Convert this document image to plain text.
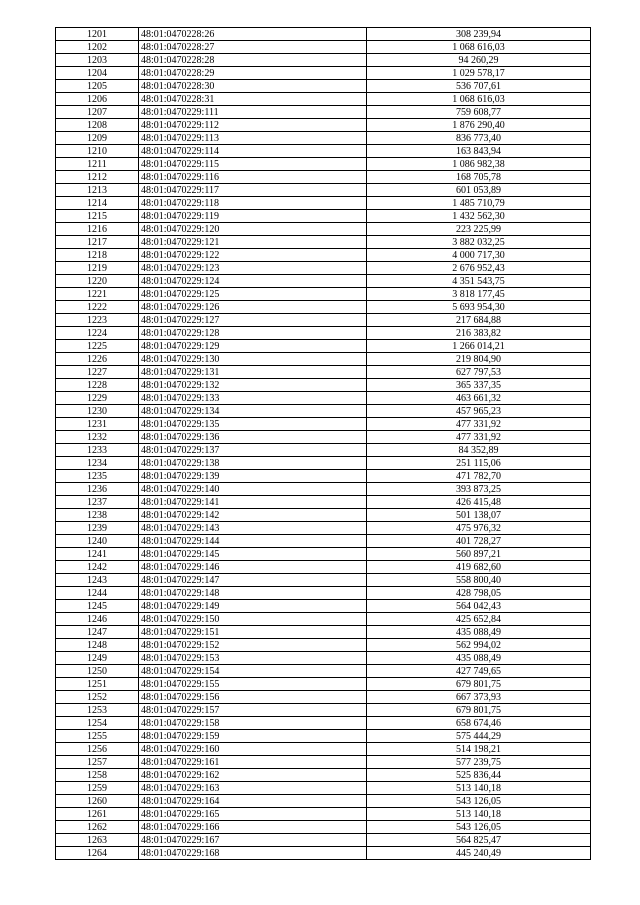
1201	48:01:0470228:26	308 239,94
1202	48:01:0470228:27	1 068 616,03
1203	48:01:0470228:28	94 260,29
1204	48:01:0470228:29	1 029 578,17
1205	48:01:0470228:30	536 707,61
1206	48:01:0470228:31	1 068 616,03
1207	48:01:0470229:111	759 608,77
1208	48:01:0470229:112	1 876 290,40
1209	48:01:0470229:113	836 773,40
1210	48:01:0470229:114	163 843,94
1211	48:01:0470229:115	1 086 982,38
1212	48:01:0470229:116	168 705,78
1213	48:01:0470229:117	601 053,89
1214	48:01:0470229:118	1 485 710,79
1215	48:01:0470229:119	1 432 562,30
1216	48:01:0470229:120	223 225,99
1217	48:01:0470229:121	3 882 032,25
1218	48:01:0470229:122	4 000 717,30
1219	48:01:0470229:123	2 676 952,43
1220	48:01:0470229:124	4 351 543,75
1221	48:01:0470229:125	3 818 177,45
1222	48:01:0470229:126	5 693 954,30
1223	48:01:0470229:127	217 684,88
1224	48:01:0470229:128	216 383,82
1225	48:01:0470229:129	1 266 014,21
1226	48:01:0470229:130	219 804,90
1227	48:01:0470229:131	627 797,53
1228	48:01:0470229:132	365 337,35
1229	48:01:0470229:133	463 661,32
1230	48:01:0470229:134	457 965,23
1231	48:01:0470229:135	477 331,92
1232	48:01:0470229:136	477 331,92
1233	48:01:0470229:137	84 352,89
1234	48:01:0470229:138	251 115,06
1235	48:01:0470229:139	471 782,70
1236	48:01:0470229:140	393 873,25
1237	48:01:0470229:141	426 415,48
1238	48:01:0470229:142	501 138,07
1239	48:01:0470229:143	475 976,32
1240	48:01:0470229:144	401 728,27
1241	48:01:0470229:145	560 897,21
1242	48:01:0470229:146	419 682,60
1243	48:01:0470229:147	558 800,40
1244	48:01:0470229:148	428 798,05
1245	48:01:0470229:149	564 042,43
1246	48:01:0470229:150	425 652,84
1247	48:01:0470229:151	435 088,49
1248	48:01:0470229:152	562 994,02
1249	48:01:0470229:153	435 088,49
1250	48:01:0470229:154	427 749,65
1251	48:01:0470229:155	679 801,75
1252	48:01:0470229:156	667 373,93
1253	48:01:0470229:157	679 801,75
1254	48:01:0470229:158	658 674,46
1255	48:01:0470229:159	575 444,29
1256	48:01:0470229:160	514 198,21
1257	48:01:0470229:161	577 239,75
1258	48:01:0470229:162	525 836,44
1259	48:01:0470229:163	513 140,18
1260	48:01:0470229:164	543 126,05
1261	48:01:0470229:165	513 140,18
1262	48:01:0470229:166	543 126,05
1263	48:01:0470229:167	564 825,47
1264	48:01:0470229:168	445 240,49
